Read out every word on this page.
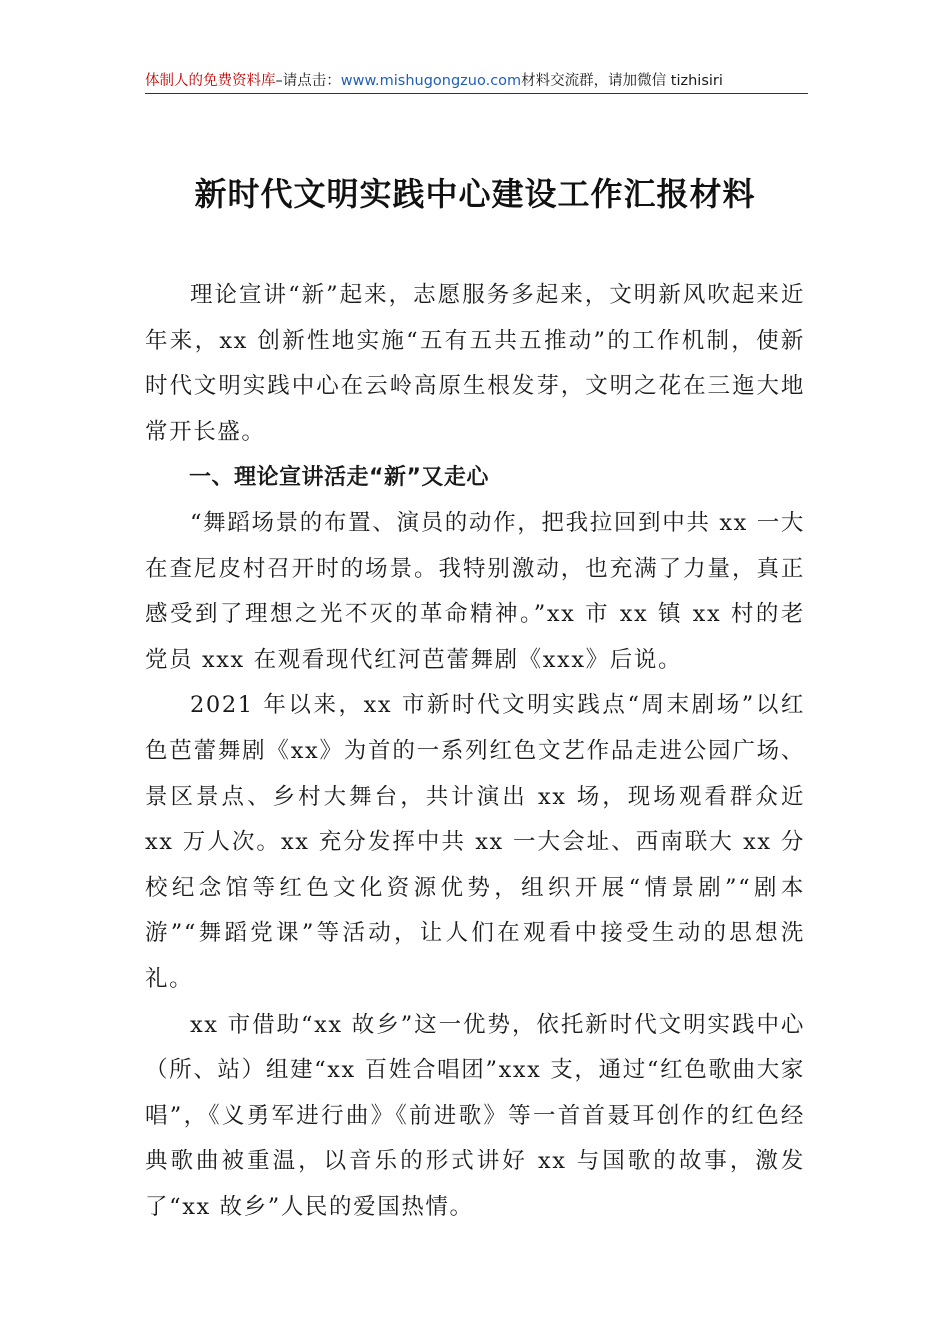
体制人的免费资料库–请点击：www.mishugongzuo.com材料交流群，请加微信 tizhisiri
新时代文明实践中心建设工作汇报材料

理论宣讲“新”起来，志愿服务多起来，文明新风吹起来近年来，xx 创新性地实施“五有五共五推动”的工作机制，使新时代文明实践中心在云岭高原生根发芽，文明之花在三迤大地常开长盛。

一、理论宣讲活走“新”又走心

“舞蹈场景的布置、演员的动作，把我拉回到中共 xx 一大在查尼皮村召开时的场景。我特别激动，也充满了力量，真正感受到了理想之光不灭的革命精神。”xx 市 xx 镇 xx 村的老党员 xxx 在观看现代红河芭蕾舞剧《xxx》后说。

2021 年以来，xx 市新时代文明实践点“周末剧场”以红色芭蕾舞剧《xx》为首的一系列红色文艺作品走进公园广场、景区景点、乡村大舞台，共计演出 xx 场，现场观看群众近 xx 万人次。xx 充分发挥中共 xx 一大会址、西南联大 xx 分校纪念馆等红色文化资源优势，组织开展“情景剧”“剧本游”“舞蹈党课”等活动，让人们在观看中接受生动的思想洗礼。

xx 市借助“xx 故乡”这一优势，依托新时代文明实践中心（所、站）组建“xx 百姓合唱团”xxx 支，通过“红色歌曲大家唱”，《义勇军进行曲》《前进歌》等一首首聂耳创作的红色经典歌曲被重温，以音乐的形式讲好 xx 与国歌的故事，激发了“xx 故乡”人民的爱国热情。
